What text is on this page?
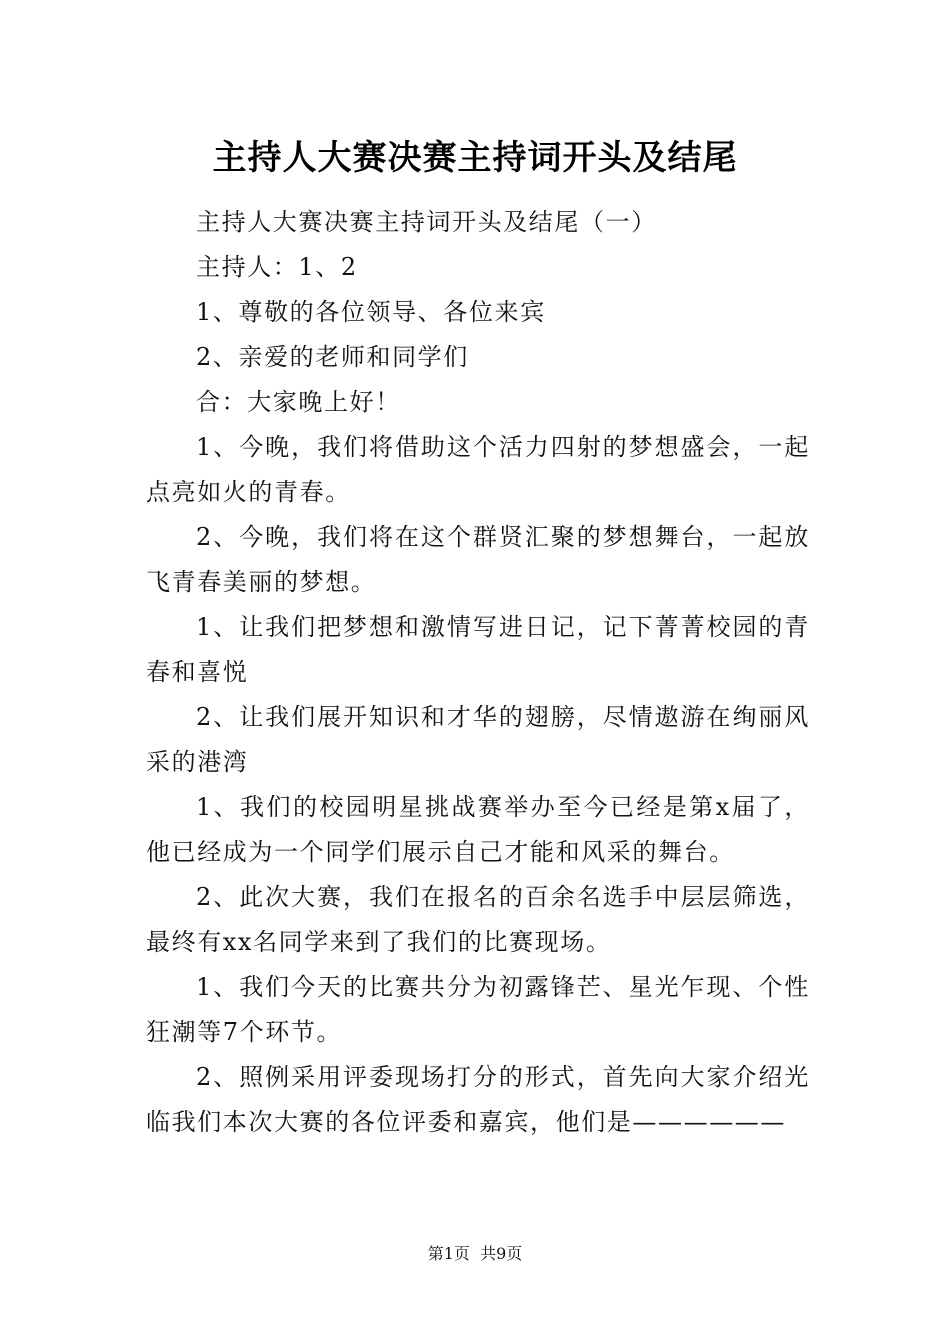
主持人大赛决赛主持词开头及结尾

主持人大赛决赛主持词开头及结尾（一）

主持人：1、2

1、尊敬的各位领导、各位来宾

2、亲爱的老师和同学们

合：大家晚上好！

1、今晚，我们将借助这个活力四射的梦想盛会，一起点亮如火的青春。

2、今晚，我们将在这个群贤汇聚的梦想舞台，一起放飞青春美丽的梦想。

1、让我们把梦想和激情写进日记，记下菁菁校园的青春和喜悦

2、让我们展开知识和才华的翅膀，尽情遨游在绚丽风采的港湾

1、我们的校园明星挑战赛举办至今已经是第x届了，他已经成为一个同学们展示自己才能和风采的舞台。

2、此次大赛，我们在报名的百余名选手中层层筛选，最终有xx名同学来到了我们的比赛现场。

1、我们今天的比赛共分为初露锋芒、星光乍现、个性狂潮等7个环节。

2、照例采用评委现场打分的形式，首先向大家介绍光临我们本次大赛的各位评委和嘉宾，他们是——————

第1页  共9页
